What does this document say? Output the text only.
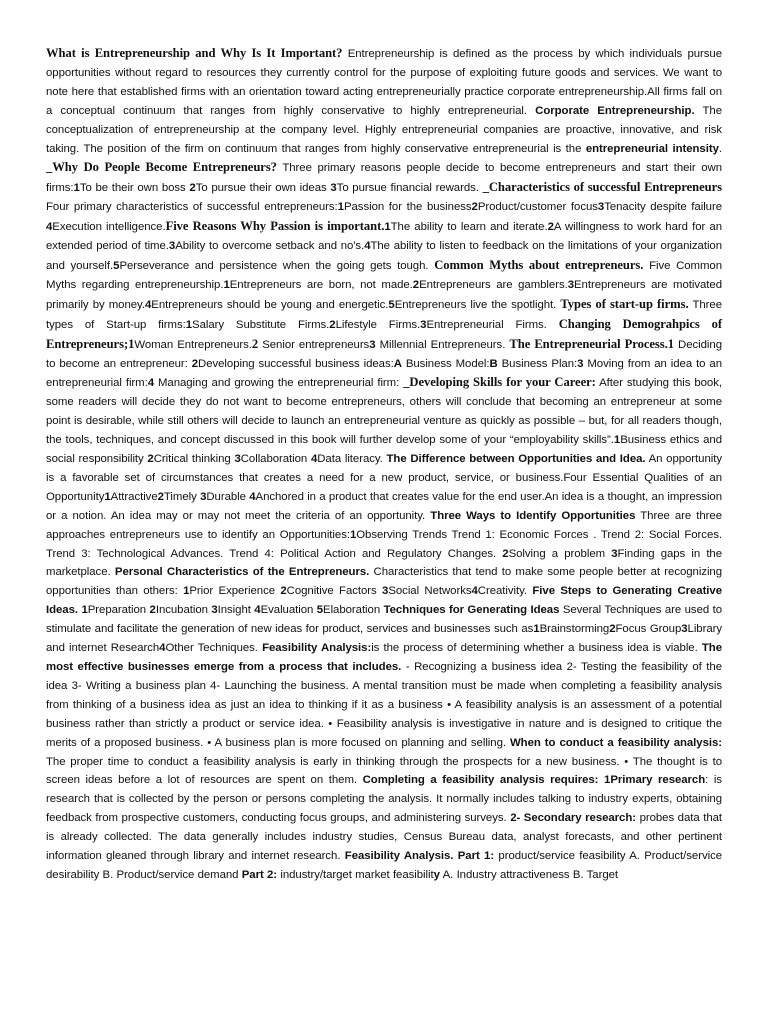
What is Entrepreneurship and Why Is It Important? Entrepreneurship is defined as the process by which individuals pursue opportunities without regard to resources they currently control for the purpose of exploiting future goods and services. We want to note here that established firms with an orientation toward acting entrepreneurially practice corporate entrepreneurship.All firms fall on a conceptual continuum that ranges from highly conservative to highly entrepreneurial. Corporate Entrepreneurship. The conceptualization of entrepreneurship at the company level. Highly entrepreneurial companies are proactive, innovative, and risk taking. The position of the firm on continuum that ranges from highly conservative entrepreneurial is the entrepreneurial intensity. _Why Do People Become Entrepreneurs? Three primary reasons people decide to become entrepreneurs and start their own firms:1To be their own boss 2To pursue their own ideas 3To pursue financial rewards. _Characteristics of successful Entrepreneurs Four primary characteristics of successful entrepreneurs:1Passion for the business2Product/customer focus3Tenacity despite failure 4Execution intelligence.Five Reasons Why Passion is important.1The ability to learn and iterate.2A willingness to work hard for an extended period of time.3Ability to overcome setback and no's.4The ability to listen to feedback on the limitations of your organization and yourself.5Perseverance and persistence when the going gets tough. Common Myths about entrepreneurs. Five Common Myths regarding entrepreneurship.1Entrepreneurs are born, not made.2Entrepreneurs are gamblers.3Entrepreneurs are motivated primarily by money.4Entrepreneurs should be young and energetic.5Entrepreneurs live the spotlight. Types of start-up firms. Three types of Start-up firms:1Salary Substitute Firms.2Lifestyle Firms.3Entrepreneurial Firms. Changing Demograhpics of Entrepreneurs;1Woman Entrepreneurs.2 Senior entrepreneurs3 Millennial Entrepreneurs. The Entrepreneurial Process.1 Deciding to become an entrepreneur: 2Developing successful business ideas:A Business Model:B Business Plan:3 Moving from an idea to an entrepreneurial firm:4 Managing and growing the entrepreneurial firm: _Developing Skills for your Career: After studying this book, some readers will decide they do not want to become entrepreneurs, others will conclude that becoming an entrepreneur at some point is desirable, while still others will decide to launch an entrepreneurial venture as quickly as possible – but, for all readers though, the tools, techniques, and concept discussed in this book will further develop some of your “employability skills”.1Business ethics and social responsibility 2Critical thinking 3Collaboration 4Data literacy. The Difference between Opportunities and Idea. An opportunity is a favorable set of circumstances that creates a need for a new product, service, or business.Four Essential Qualities of an Opportunity1Attractive2Timely 3Durable 4Anchored in a product that creates value for the end user.An idea is a thought, an impression or a notion. An idea may or may not meet the criteria of an opportunity. Three Ways to Identify Opportunities Three are three approaches entrepreneurs use to identify an Opportunities:1Observing Trends Trend 1: Economic Forces . Trend 2: Social Forces. Trend 3: Technological Advances. Trend 4: Political Action and Regulatory Changes. 2Solving a problem 3Finding gaps in the marketplace. Personal Characteristics of the Entrepreneurs. Characteristics that tend to make some people better at recognizing opportunities than others: 1Prior Experience 2Cognitive Factors 3Social Networks4Creativity. Five Steps to Generating Creative Ideas. 1Preparation 2Incubation 3Insight 4Evaluation 5Elaboration Techniques for Generating Ideas Several Techniques are used to stimulate and facilitate the generation of new ideas for product, services and businesses such as1Brainstorming2Focus Group3Library and internet Research4Other Techniques. Feasibility Analysis:is the process of determining whether a business idea is viable. The most effective businesses emerge from a process that includes. - Recognizing a business idea 2- Testing the feasibility of the idea 3- Writing a business plan 4- Launching the business. A mental transition must be made when completing a feasibility analysis from thinking of a business idea as just an idea to thinking if it as a business • A feasibility analysis is an assessment of a potential business rather than strictly a product or service idea. • Feasibility analysis is investigative in nature and is designed to critique the merits of a proposed business. • A business plan is more focused on planning and selling. When to conduct a feasibility analysis: The proper time to conduct a feasibility analysis is early in thinking through the prospects for a new business. • The thought is to screen ideas before a lot of resources are spent on them. Completing a feasibility analysis requires: 1Primary research: is research that is collected by the person or persons completing the analysis. It normally includes talking to industry experts, obtaining feedback from prospective customers, conducting focus groups, and administering surveys. 2- Secondary research: probes data that is already collected. The data generally includes industry studies, Census Bureau data, analyst forecasts, and other pertinent information gleaned through library and internet research. Feasibility Analysis. Part 1: product/service feasibility A. Product/service desirability B. Product/service demand Part 2: industry/target market feasibility A. Industry attractiveness B. Target
